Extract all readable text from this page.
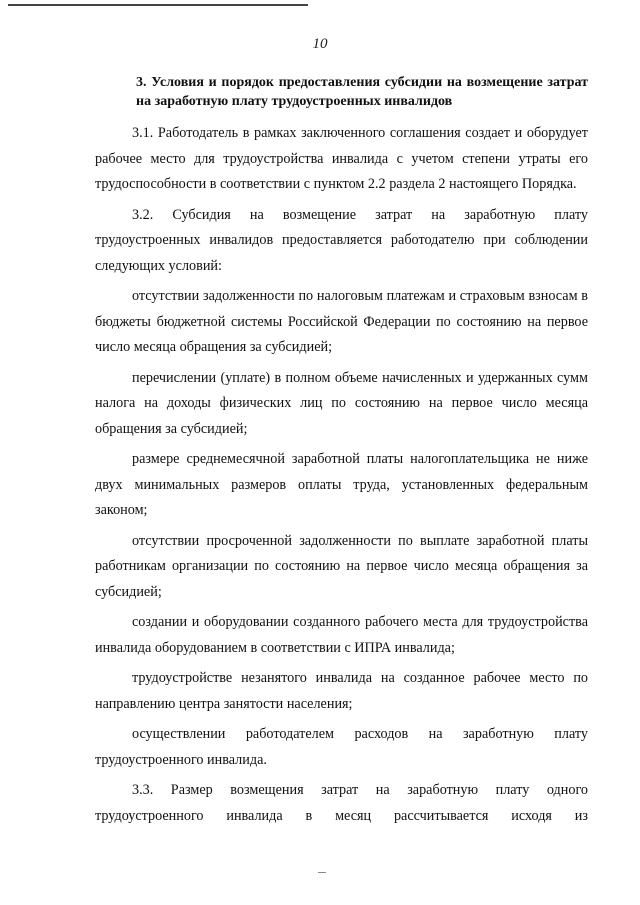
10
3. Условия и порядок предоставления субсидии на возмещение затрат на заработную плату трудоустроенных инвалидов

3.1. Работодатель в рамках заключенного соглашения создает и оборудует рабочее место для трудоустройства инвалида с учетом степени утраты его трудоспособности в соответствии с пунктом 2.2 раздела 2 настоящего Порядка.

3.2. Субсидия на возмещение затрат на заработную плату трудоустроенных инвалидов предоставляется работодателю при соблюдении следующих условий:

отсутствии задолженности по налоговым платежам и страховым взносам в бюджеты бюджетной системы Российской Федерации по состоянию на первое число месяца обращения за субсидией;

перечислении (уплате) в полном объеме начисленных и удержанных сумм налога на доходы физических лиц по состоянию на первое число месяца обращения за субсидией;

размере среднемесячной заработной платы налогоплательщика не ниже двух минимальных размеров оплаты труда, установленных федеральным законом;

отсутствии просроченной задолженности по выплате заработной платы работникам организации по состоянию на первое число месяца обращения за субсидией;

создании и оборудовании созданного рабочего места для трудоустройства инвалида оборудованием в соответствии с ИПРА инвалида;

трудоустройстве незанятого инвалида на созданное рабочее место по направлению центра занятости населения;

осуществлении работодателем расходов на заработную плату трудоустроенного инвалида.

3.3. Размер возмещения затрат на заработную плату одного трудоустроенного инвалида в месяц рассчитывается исходя из
